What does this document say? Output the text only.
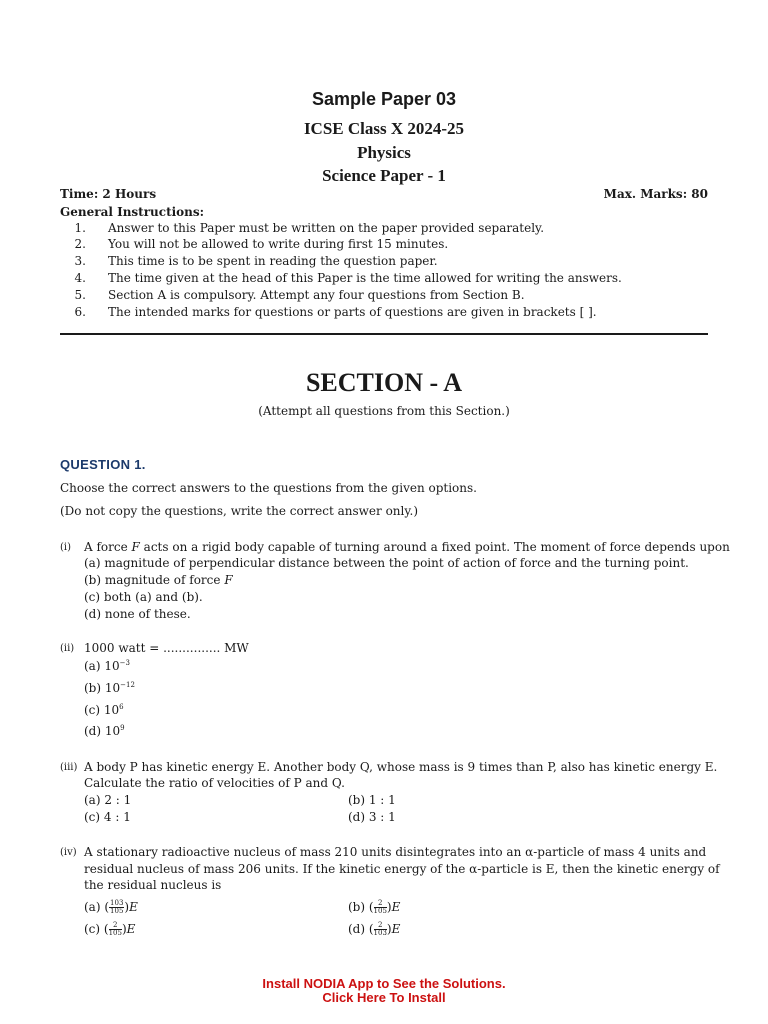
Sample Paper 03
ICSE Class X 2024-25
Physics
Science Paper - 1
Time: 2 Hours	Max. Marks: 80
General Instructions:
1. Answer to this Paper must be written on the paper provided separately.
2. You will not be allowed to write during first 15 minutes.
3. This time is to be spent in reading the question paper.
4. The time given at the head of this Paper is the time allowed for writing the answers.
5. Section A is compulsory. Attempt any four questions from Section B.
6. The intended marks for questions or parts of questions are given in brackets [ ].
SECTION - A
(Attempt all questions from this Section.)
QUESTION 1.
Choose the correct answers to the questions from the given options.
(Do not copy the questions, write the correct answer only.)
(i) A force F acts on a rigid body capable of turning around a fixed point. The moment of force depends upon
(a) magnitude of perpendicular distance between the point of action of force and the turning point.
(b) magnitude of force F
(c) both (a) and (b).
(d) none of these.
(ii) 1000 watt = ............... MW
(a) $10^{-3}$
(b) $10^{-12}$
(c) $10^6$
(d) $10^9$
(iii) A body P has kinetic energy E. Another body Q, whose mass is 9 times than P, also has kinetic energy E.
Calculate the ratio of velocities of P and Q.
(a) 2 : 1	(b) 1 : 1
(c) 4 : 1	(d) 3 : 1
(iv) A stationary radioactive nucleus of mass 210 units disintegrates into an α-particle of mass 4 units and
residual nucleus of mass 206 units. If the kinetic energy of the α-particle is E, then the kinetic energy of
the residual nucleus is
(a) ( $\frac{103}{105} )E$	(b) ( $\frac{2}{105} )E$
(c) ( $\frac{2}{105} )E$	(d) ( $\frac{2}{103} )E$
Install NODIA App to See the Solutions.
Click Here To Install
